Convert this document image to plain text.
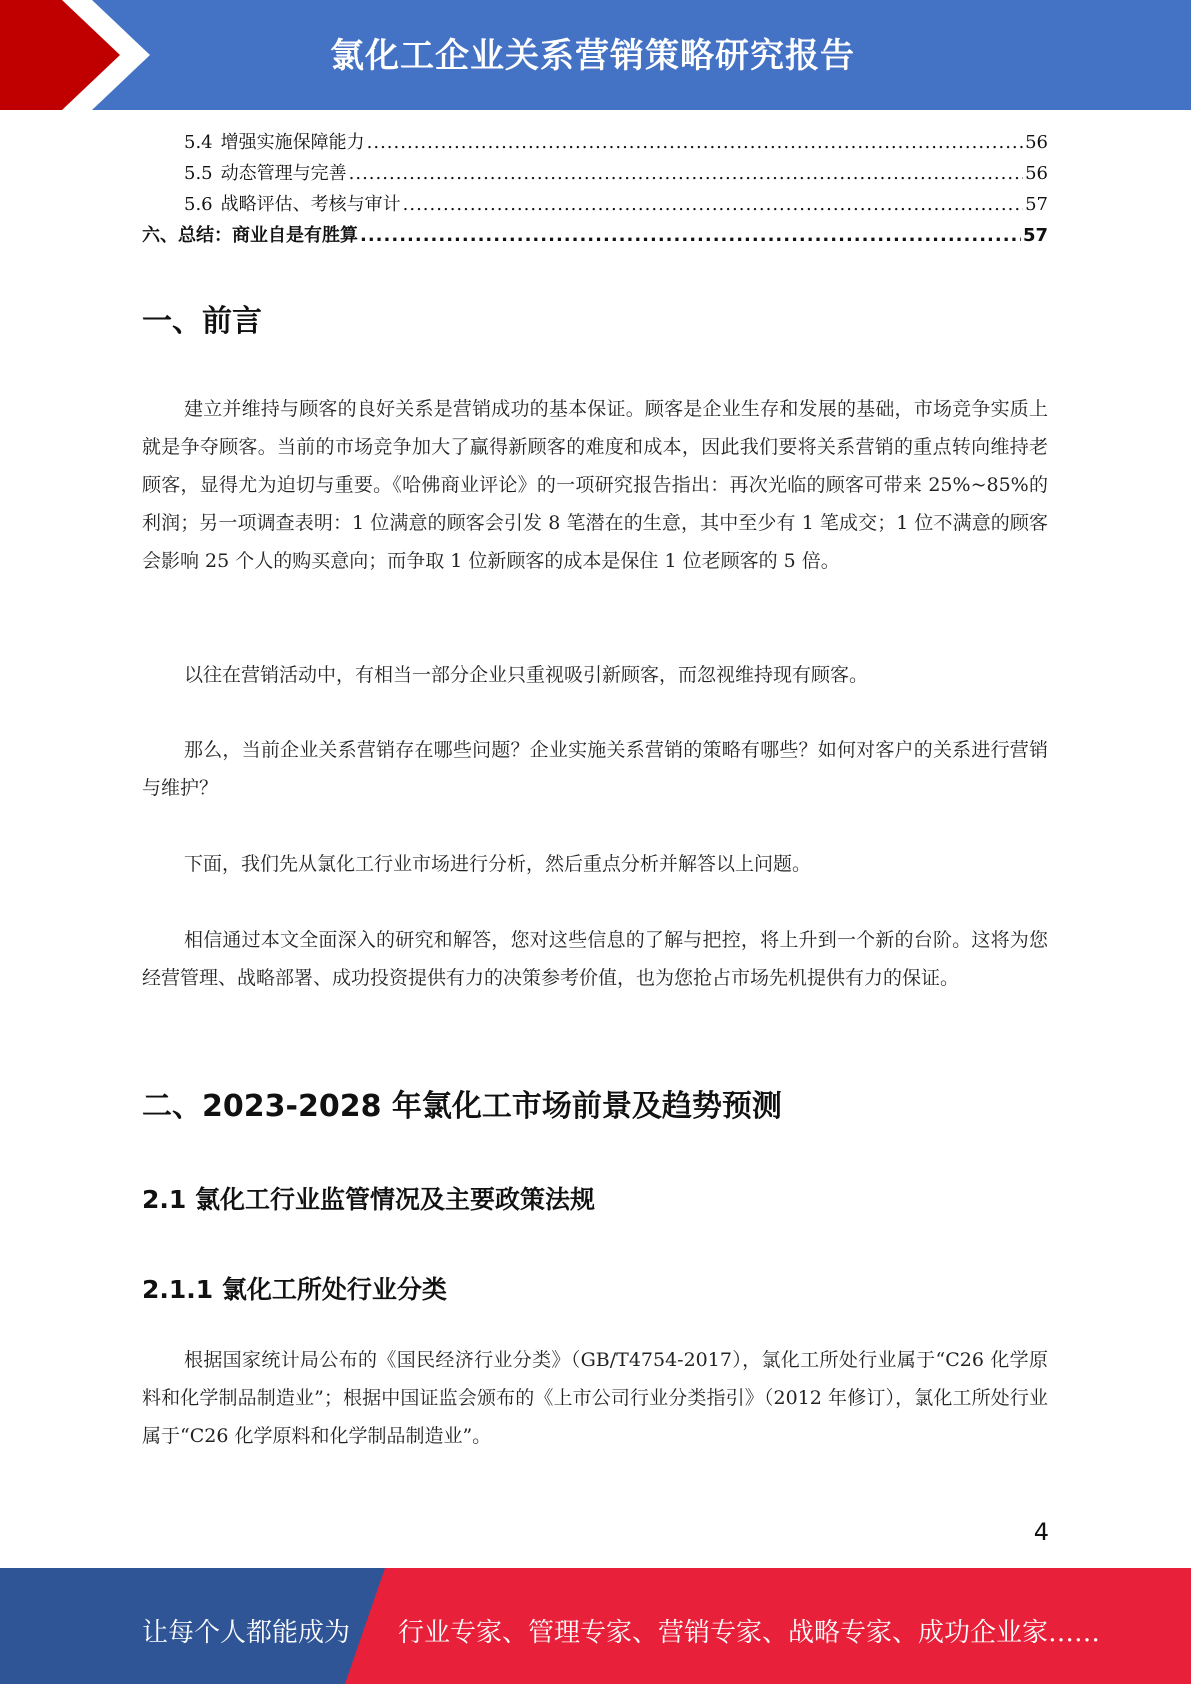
氯化工企业关系营销策略研究报告
5.4 增强实施保障能力 .....	56
5.5 动态管理与完善 .....	56
5.6 战略评估、考核与审计 .....	57
六、总结：商业自是有胜算 .....	57
一、前言

建立并维持与顾客的良好关系是营销成功的基本保证。顾客是企业生存和发展的基础，市场竞争实质上就是争夺顾客。当前的市场竞争加大了赢得新顾客的难度和成本，因此我们要将关系营销的重点转向维持老顾客，显得尤为迫切与重要。《哈佛商业评论》的一项研究报告指出：再次光临的顾客可带来 25%~85%的利润；另一项调查表明：1 位满意的顾客会引发 8 笔潜在的生意，其中至少有 1 笔成交；1 位不满意的顾客会影响 25 个人的购买意向；而争取 1 位新顾客的成本是保住 1 位老顾客的 5 倍。

以往在营销活动中，有相当一部分企业只重视吸引新顾客，而忽视维持现有顾客。

那么，当前企业关系营销存在哪些问题？企业实施关系营销的策略有哪些？如何对客户的关系进行营销与维护？

下面，我们先从氯化工行业市场进行分析，然后重点分析并解答以上问题。

相信通过本文全面深入的研究和解答，您对这些信息的了解与把控，将上升到一个新的台阶。这将为您经营管理、战略部署、成功投资提供有力的决策参考价值，也为您抢占市场先机提供有力的保证。

二、2023-2028 年氯化工市场前景及趋势预测
2.1 氯化工行业监管情况及主要政策法规
2.1.1 氯化工所处行业分类

根据国家统计局公布的《国民经济行业分类》（GB/T4754-2017），氯化工所处行业属于“C26 化学原料和化学制品制造业”；根据中国证监会颁布的《上市公司行业分类指引》（2012 年修订），氯化工所处行业属于“C26 化学原料和化学制品制造业”。

4
让每个人都能成为 行业专家、管理专家、营销专家、战略专家、成功企业家……
